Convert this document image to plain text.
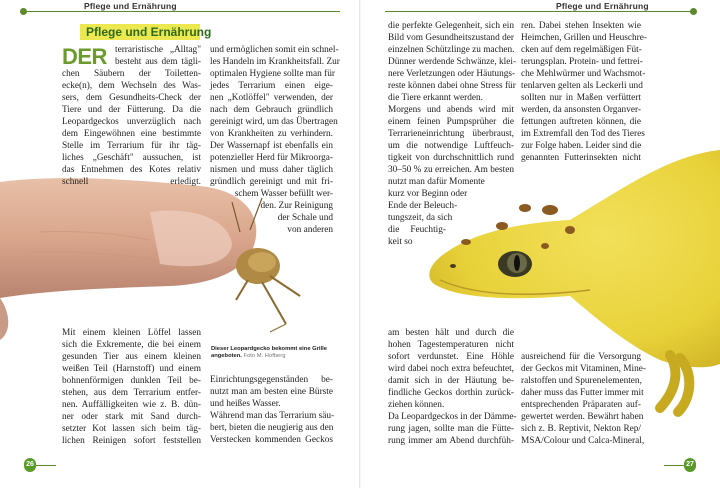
Pflege und Ernährung	Pflege und Ernährung
Pflege und Ernährung
DER
Dieser Leopardgecko bekommt eine Grille angeboten. Foto M. Hofberg
terraristische „Alltag"
besteht aus dem tägli-
chen Säubern der Toiletten-
ecke(n), dem Wechseln des Was-
sers, dem Gesundheits-Check der
Tiere und der Fütterung. Da die
Leopardgeckos unverzüglich nach
dem Eingewöhnen eine bestimmte
Stelle im Terrarium für ihr täg-
liches „Geschäft" aussuchen, ist
das Entnehmen des Kotes relativ
schnell erledigt.
und ermöglichen somit ein schnel-
les Handeln im Krankheitsfall. Zur
optimalen Hygiene sollte man für
jedes Terrarium einen eige-
nen „Kotlöffel" verwenden, der
nach dem Gebrauch gründlich
gereinigt wird, um das Übertragen
von Krankheiten zu verhindern.
Der Wassernapf ist ebenfalls ein
potenzieller Herd für Mikroorga-
nismen und muss daher täglich
gründlich gereinigt und mit fri-
schem Wasser befüllt wer-
den. Zur Reinigung
der Schale und
von anderen
Mit einem kleinen Löffel lassen
sich die Exkremente, die bei einem
gesunden Tier aus einem kleinen
weißen Teil (Harnstoff) und einem
bohnenförmigen dunklen Teil be-
stehen, aus dem Terrarium entfer-
nen. Auffälligkeiten wie z. B. dün-
ner oder stark mit Sand durch-
setzter Kot lassen sich beim täg-
lichen Reinigen sofort feststellen
Einrichtungsgegenständen be-
nutzt man am besten eine Bürste
und heißes Wasser.
Während man das Terrarium säu-
bert, bieten die neugierig aus den
Verstecken kommenden Geckos
die perfekte Gelegenheit, sich ein
Bild vom Gesundheitszustand der
einzelnen Schützlinge zu machen.
Dünner werdende Schwänze, klei-
nere Verletzungen oder Häutungs-
reste können dabei ohne Stress für
die Tiere erkannt werden.
Morgens und abends wird mit
einem feinen Pumpsprüher die
Terrarieneinrichtung überbraust,
um die notwendige Luftfeuch-
tigkeit von durchschnittlich rund
30–50 % zu erreichen. Am besten
nutzt man dafür Momente
kurz vor Beginn oder
Ende der Beleuch-
tungszeit, da sich
die Feuchtig-
keit so
ren. Dabei stehen Insekten wie
Heimchen, Grillen und Heuschre-
cken auf dem regelmäßigen Füt-
terungsplan. Protein- und fettrei-
che Mehlwürmer und Wachsmot-
tenlarven gelten als Leckerli und
sollten nur in Maßen verfüttert
werden, da ansonsten Organver-
fettungen auftreten können, die
im Extremfall den Tod des Tieres
zur Folge haben. Leider sind die
genannten Futterinsekten nicht
am besten hält und durch die
hohen Tagestemperaturen nicht
sofort verdunstet. Eine Höhle
wird dabei noch extra befeuchtet,
damit sich in der Häutung be-
findliche Geckos dorthin zurück-
ziehen können.
Da Leopardgeckos in der Dämme-
rung jagen, sollte man die Fütte-
rung immer am Abend durchfüh-
ausreichend für die Versorgung
der Geckos mit Vitaminen, Mine-
ralstoffen und Spurenelementen,
daher muss das Futter immer mit
entsprechenden Präparaten auf-
gewertet werden. Bewährt haben
sich z. B. Reptivit, Nekton Rep/
MSA/Colour und Calca-Mineral,
26	27
